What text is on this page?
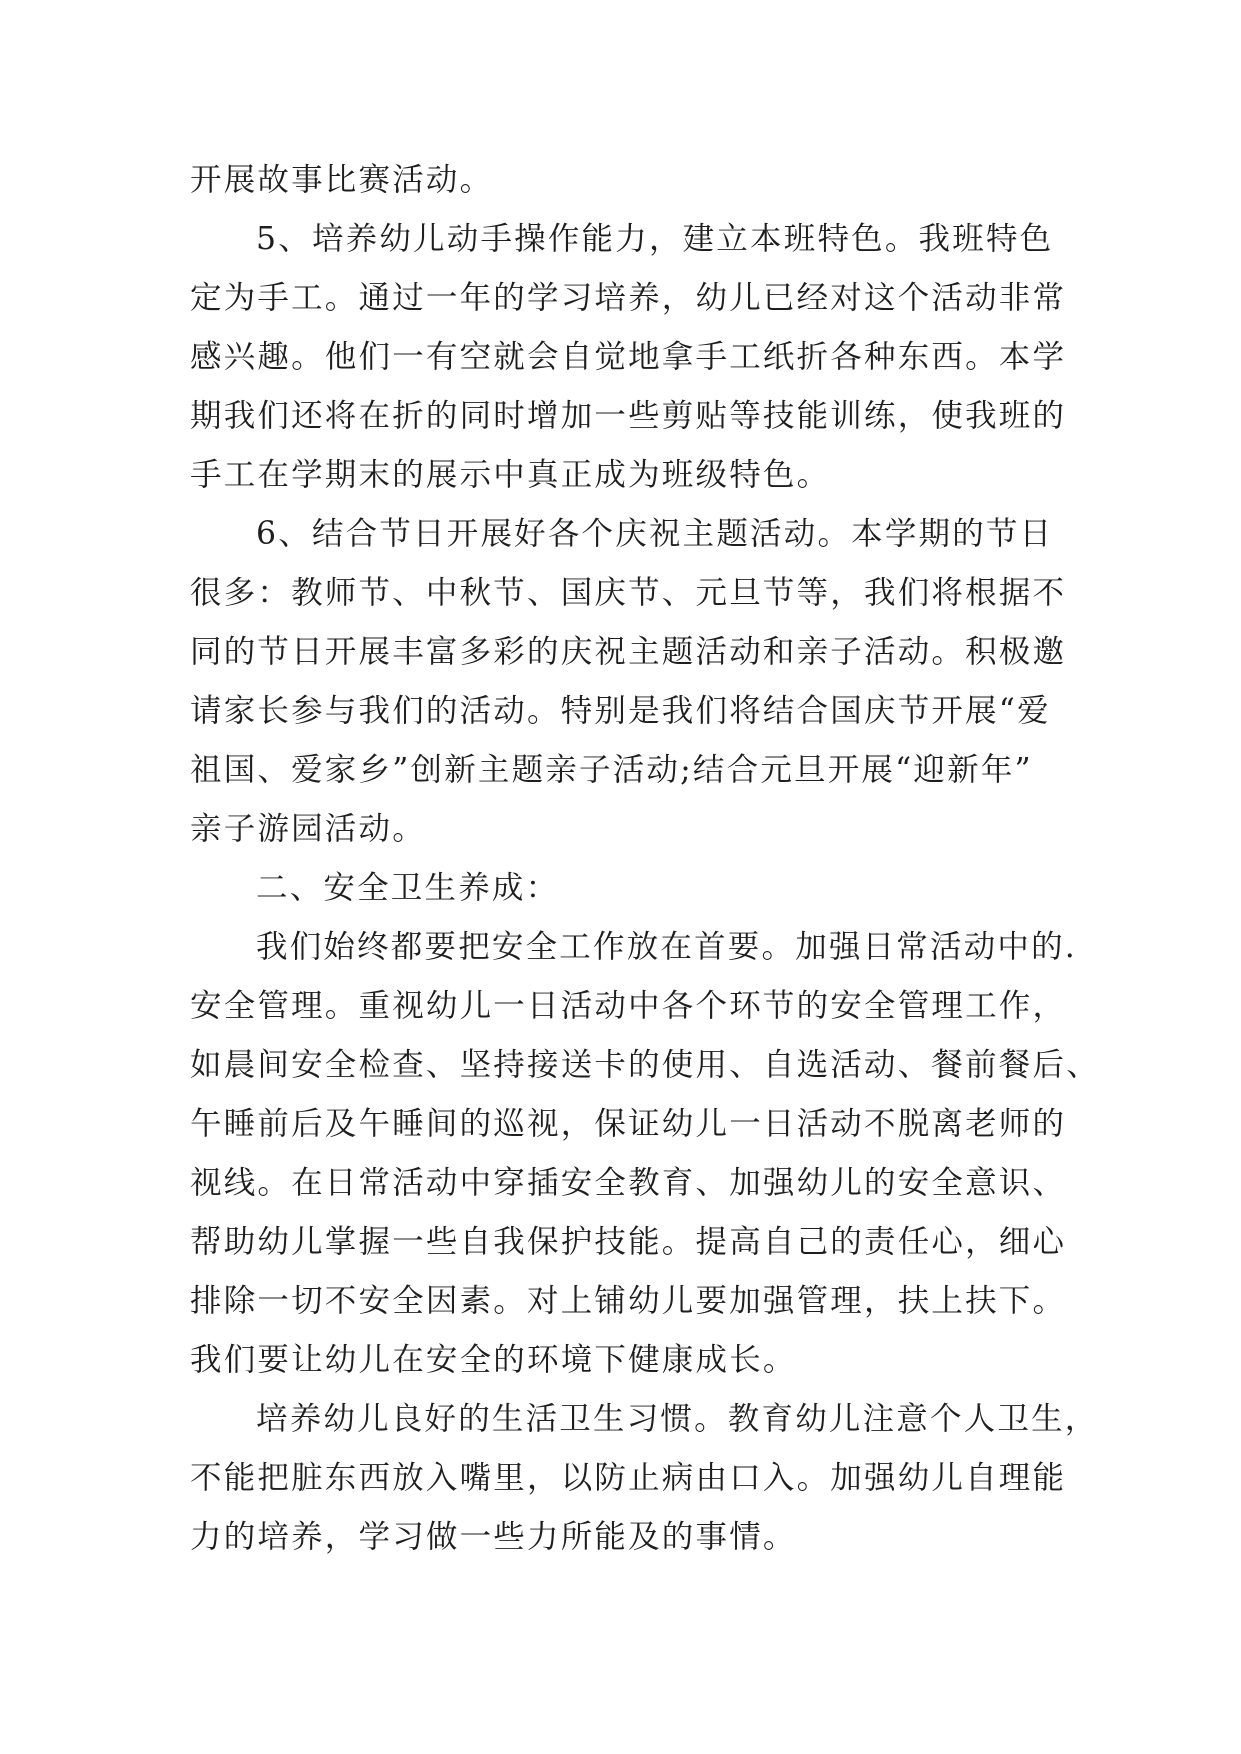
开展故事比赛活动。
5、培养幼儿动手操作能力，建立本班特色。我班特色
定为手工。通过一年的学习培养，幼儿已经对这个活动非常
感兴趣。他们一有空就会自觉地拿手工纸折各种东西。本学
期我们还将在折的同时增加一些剪贴等技能训练，使我班的
手工在学期末的展示中真正成为班级特色。
6、结合节日开展好各个庆祝主题活动。本学期的节日
很多：教师节、中秋节、国庆节、元旦节等，我们将根据不
同的节日开展丰富多彩的庆祝主题活动和亲子活动。积极邀
请家长参与我们的活动。特别是我们将结合国庆节开展“爱
祖国、爱家乡”创新主题亲子活动;结合元旦开展“迎新年”
亲子游园活动。
二、安全卫生养成：
我们始终都要把安全工作放在首要。加强日常活动中的.
安全管理。重视幼儿一日活动中各个环节的安全管理工作，
如晨间安全检查、坚持接送卡的使用、自选活动、餐前餐后、
午睡前后及午睡间的巡视，保证幼儿一日活动不脱离老师的
视线。在日常活动中穿插安全教育、加强幼儿的安全意识、
帮助幼儿掌握一些自我保护技能。提高自己的责任心，细心
排除一切不安全因素。对上铺幼儿要加强管理，扶上扶下。
我们要让幼儿在安全的环境下健康成长。
培养幼儿良好的生活卫生习惯。教育幼儿注意个人卫生，
不能把脏东西放入嘴里，以防止病由口入。加强幼儿自理能
力的培养，学习做一些力所能及的事情。
